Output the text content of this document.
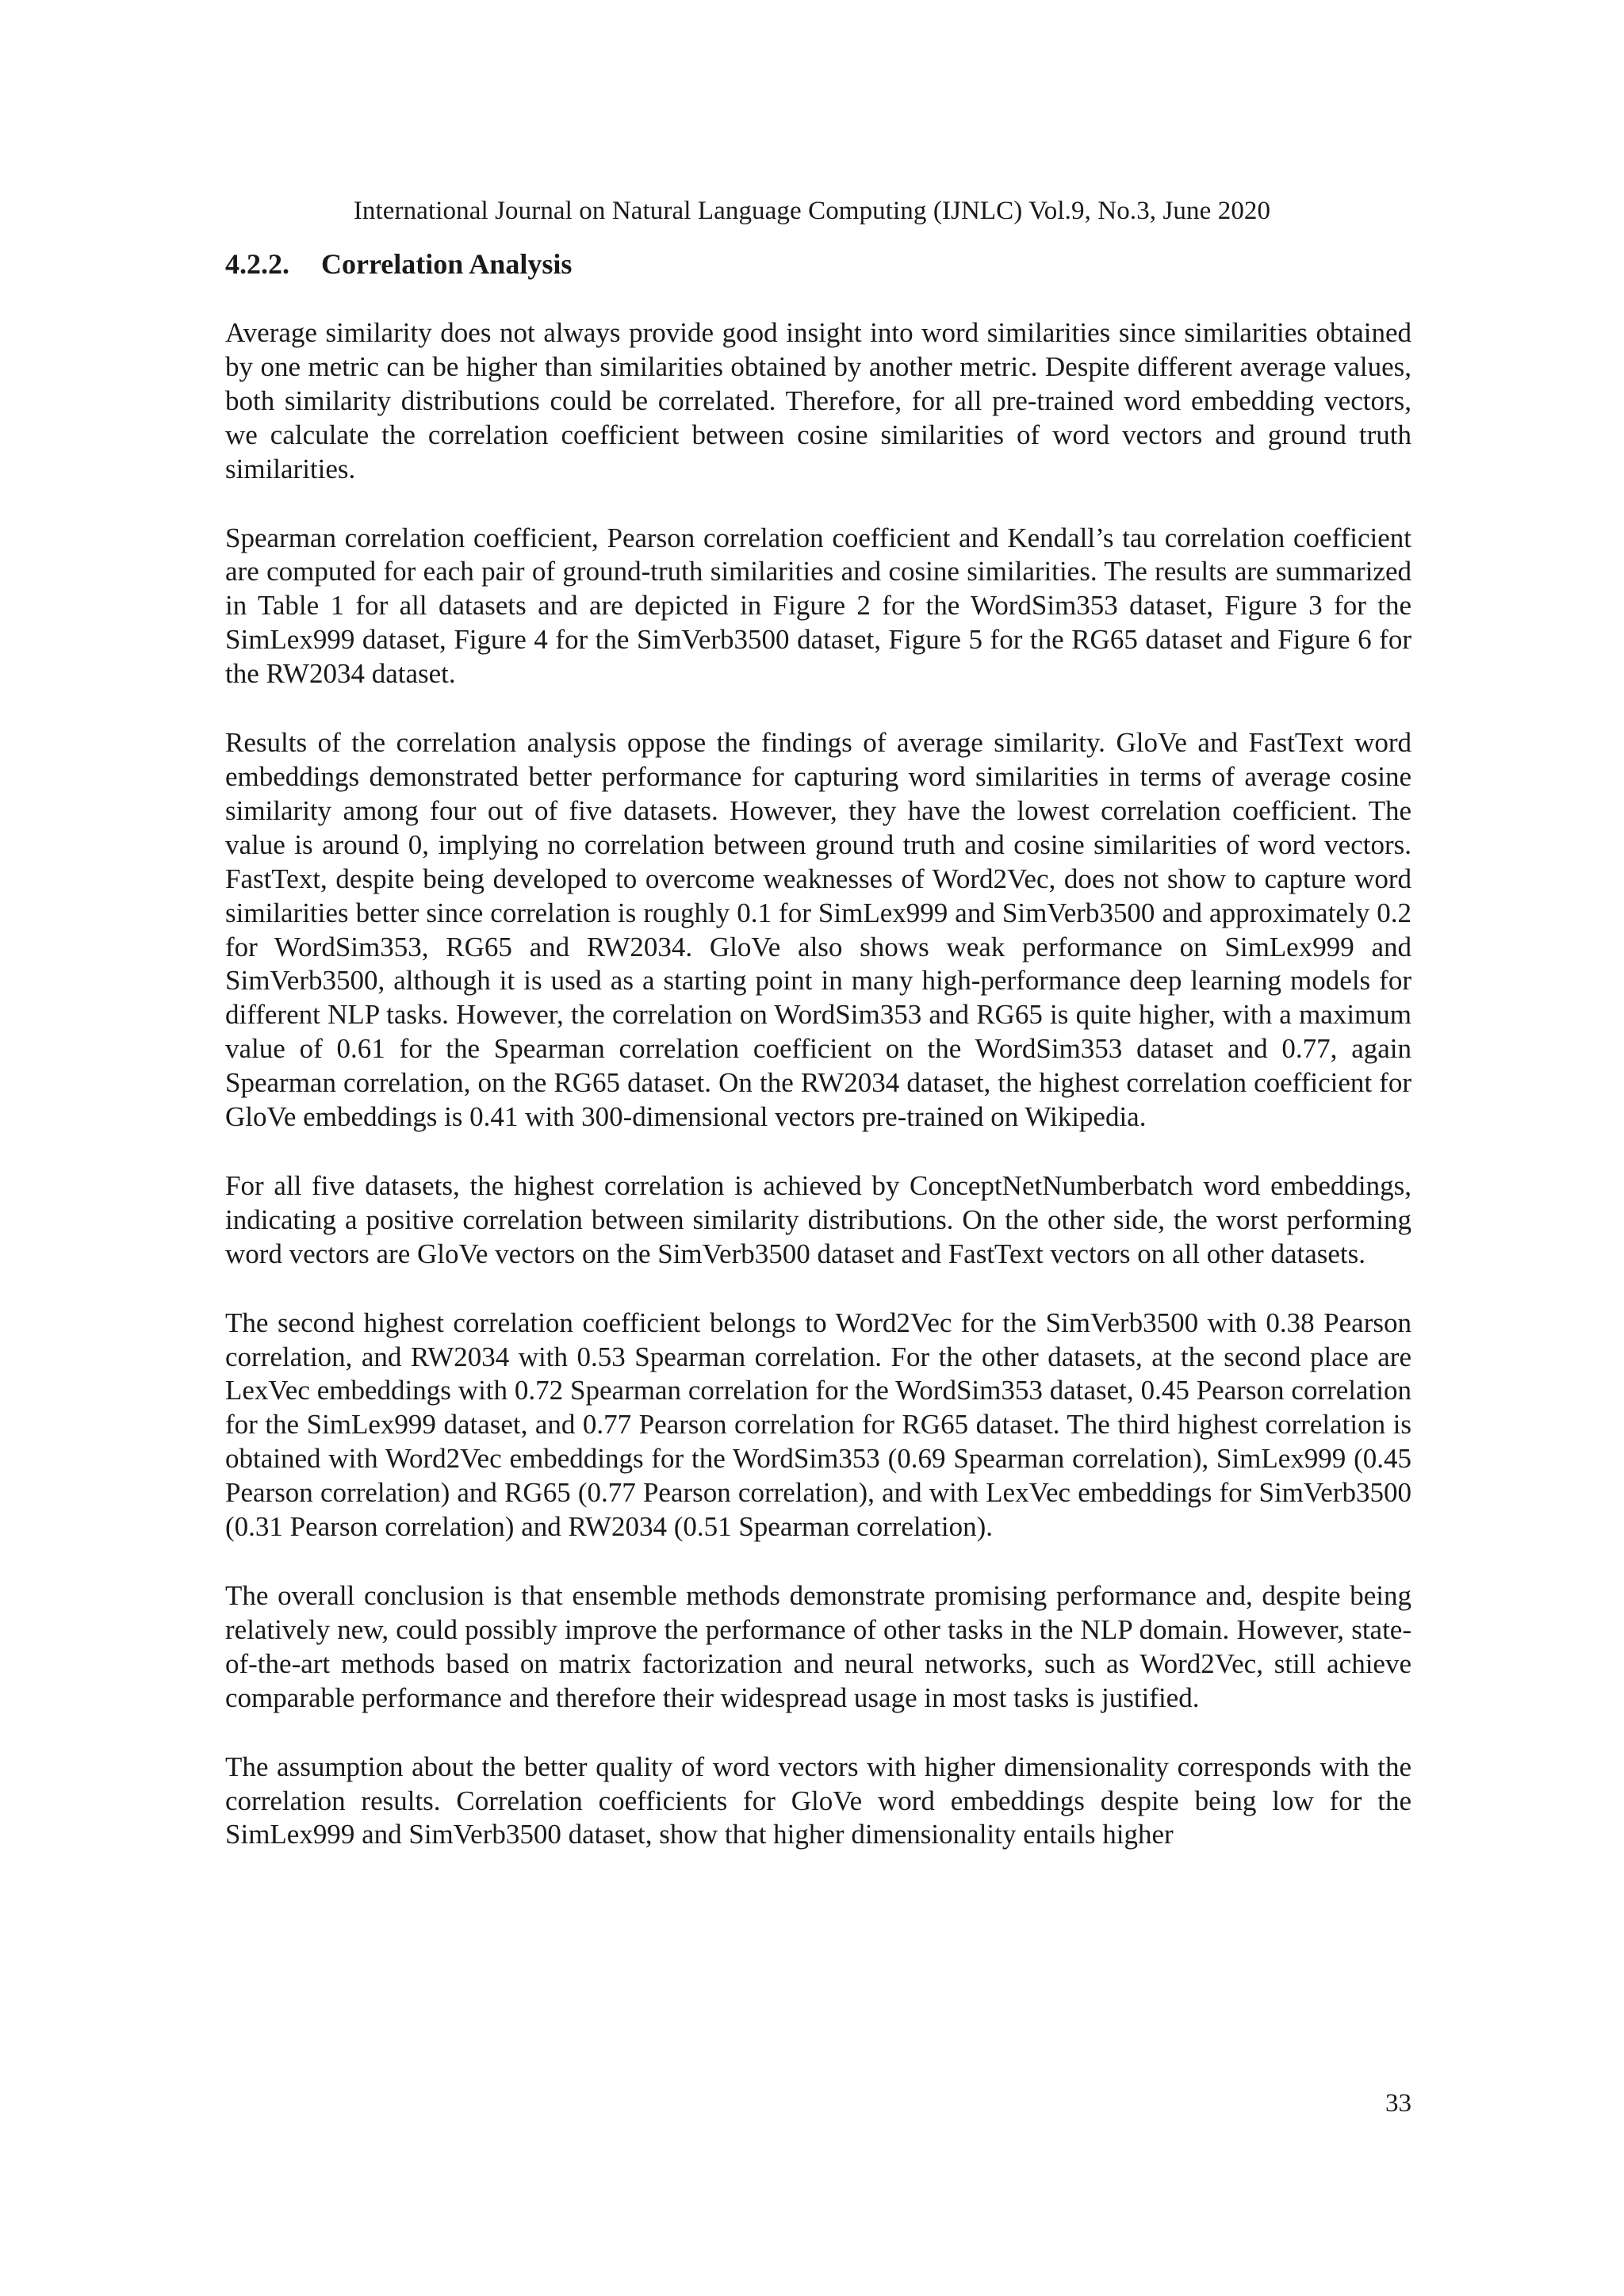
International Journal on Natural Language Computing (IJNLC) Vol.9, No.3, June 2020
4.2.2. Correlation Analysis

Average similarity does not always provide good insight into word similarities since similarities obtained by one metric can be higher than similarities obtained by another metric. Despite different average values, both similarity distributions could be correlated. Therefore, for all pre-trained word embedding vectors, we calculate the correlation coefficient between cosine similarities of word vectors and ground truth similarities.

Spearman correlation coefficient, Pearson correlation coefficient and Kendall’s tau correlation coefficient are computed for each pair of ground-truth similarities and cosine similarities. The results are summarized in Table 1 for all datasets and are depicted in Figure 2 for the WordSim353 dataset, Figure 3 for the SimLex999 dataset, Figure 4 for the SimVerb3500 dataset, Figure 5 for the RG65 dataset and Figure 6 for the RW2034 dataset.

Results of the correlation analysis oppose the findings of average similarity. GloVe and FastText word embeddings demonstrated better performance for capturing word similarities in terms of average cosine similarity among four out of five datasets. However, they have the lowest correlation coefficient. The value is around 0, implying no correlation between ground truth and cosine similarities of word vectors. FastText, despite being developed to overcome weaknesses of Word2Vec, does not show to capture word similarities better since correlation is roughly 0.1 for SimLex999 and SimVerb3500 and approximately 0.2 for WordSim353, RG65 and RW2034. GloVe also shows weak performance on SimLex999 and SimVerb3500, although it is used as a starting point in many high-performance deep learning models for different NLP tasks. However, the correlation on WordSim353 and RG65 is quite higher, with a maximum value of 0.61 for the Spearman correlation coefficient on the WordSim353 dataset and 0.77, again Spearman correlation, on the RG65 dataset. On the RW2034 dataset, the highest correlation coefficient for GloVe embeddings is 0.41 with 300-dimensional vectors pre-trained on Wikipedia.

For all five datasets, the highest correlation is achieved by ConceptNetNumberbatch word embeddings, indicating a positive correlation between similarity distributions. On the other side, the worst performing word vectors are GloVe vectors on the SimVerb3500 dataset and FastText vectors on all other datasets.

The second highest correlation coefficient belongs to Word2Vec for the SimVerb3500 with 0.38 Pearson correlation, and RW2034 with 0.53 Spearman correlation. For the other datasets, at the second place are LexVec embeddings with 0.72 Spearman correlation for the WordSim353 dataset, 0.45 Pearson correlation for the SimLex999 dataset, and 0.77 Pearson correlation for RG65 dataset. The third highest correlation is obtained with Word2Vec embeddings for the WordSim353 (0.69 Spearman correlation), SimLex999 (0.45 Pearson correlation) and RG65 (0.77 Pearson correlation), and with LexVec embeddings for SimVerb3500 (0.31 Pearson correlation) and RW2034 (0.51 Spearman correlation).

The overall conclusion is that ensemble methods demonstrate promising performance and, despite being relatively new, could possibly improve the performance of other tasks in the NLP domain. However, state-of-the-art methods based on matrix factorization and neural networks, such as Word2Vec, still achieve comparable performance and therefore their widespread usage in most tasks is justified.

The assumption about the better quality of word vectors with higher dimensionality corresponds with the correlation results. Correlation coefficients for GloVe word embeddings despite being low for the SimLex999 and SimVerb3500 dataset, show that higher dimensionality entails higher

33
